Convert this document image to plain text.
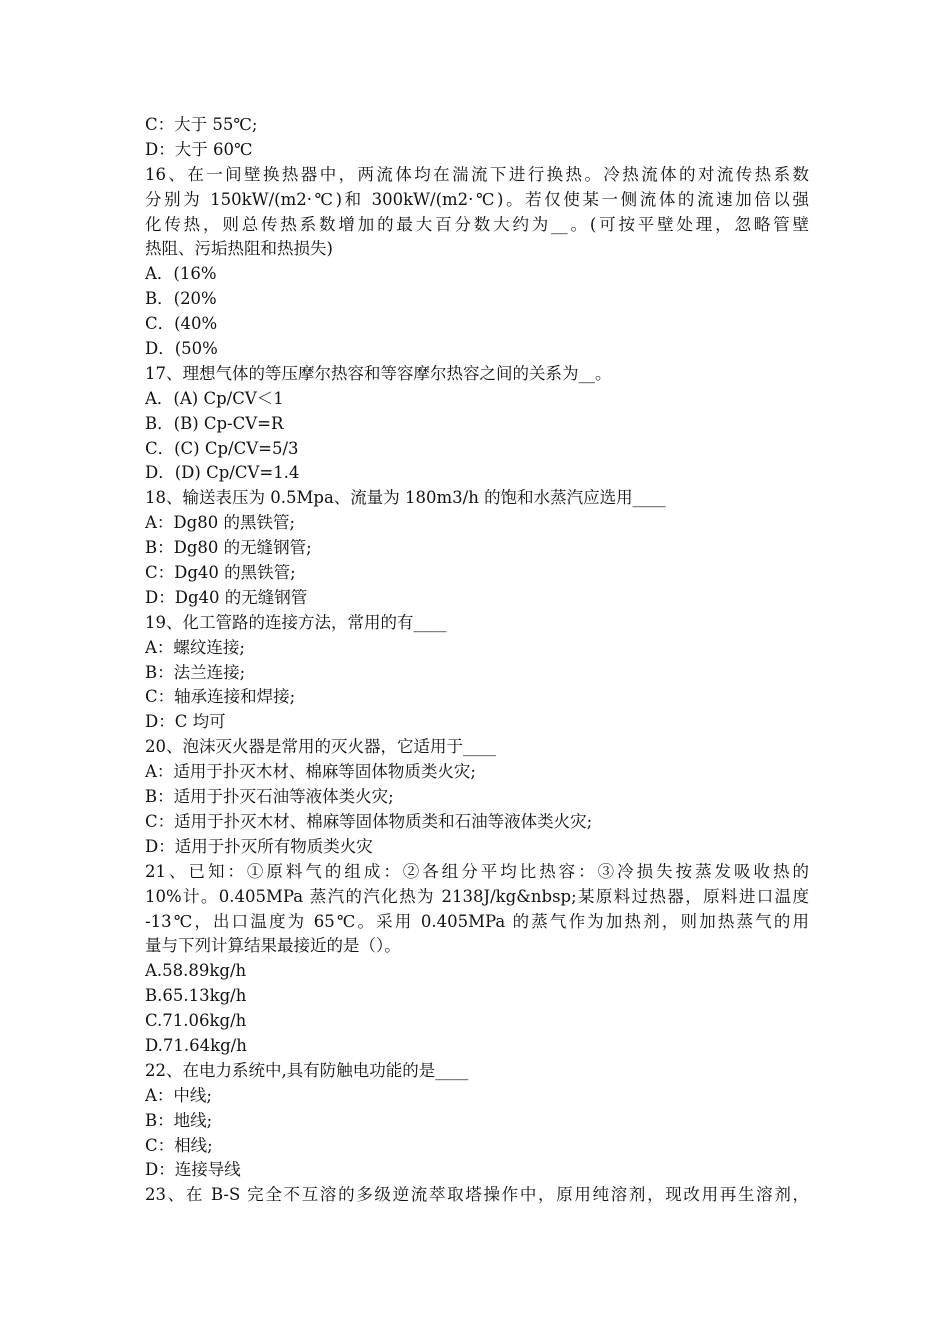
C：大于 55℃;
D：大于 60℃
16、在一间壁换热器中，两流体均在湍流下进行换热。冷热流体的对流传热系数
分别为 150kW/(m2·℃)和 300kW/(m2·℃)。若仅使某一侧流体的流速加倍以强
化传热，则总传热系数增加的最大百分数大约为__。(可按平壁处理，忽略管壁
热阻、污垢热阻和热损失)
A．(16%
B．(20%
C．(40%
D．(50%
17、理想气体的等压摩尔热容和等容摩尔热容之间的关系为__。
A．(A) Cp/CV＜1
B．(B) Cp-CV=R
C．(C) Cp/CV=5/3
D．(D) Cp/CV=1.4
18、输送表压为 0.5Mpa、流量为 180m3/h 的饱和水蒸汽应选用____
A：Dg80 的黑铁管;
B：Dg80 的无缝钢管;
C：Dg40 的黑铁管;
D：Dg40 的无缝钢管
19、化工管路的连接方法，常用的有____
A：螺纹连接;
B：法兰连接;
C：轴承连接和焊接;
D：C 均可
20、泡沫灭火器是常用的灭火器，它适用于____
A：适用于扑灭木材、棉麻等固体物质类火灾;
B：适用于扑灭石油等液体类火灾;
C：适用于扑灭木材、棉麻等固体物质类和石油等液体类火灾;
D：适用于扑灭所有物质类火灾
21、已知：①原料气的组成：②各组分平均比热容：③冷损失按蒸发吸收热的
10%计。0.405MPa 蒸汽的汽化热为 2138J/kg&nbsp;某原料过热器，原料进口温度
-13℃，出口温度为 65℃。采用 0.405MPa 的蒸气作为加热剂，则加热蒸气的用
量与下列计算结果最接近的是（）。
A.58.89kg/h
B.65.13kg/h
C.71.06kg/h
D.71.64kg/h
22、在电力系统中,具有防触电功能的是____
A：中线;
B：地线;
C：相线;
D：连接导线
23、在 B-S 完全不互溶的多级逆流萃取塔操作中，原用纯溶剂，现改用再生溶剂，
